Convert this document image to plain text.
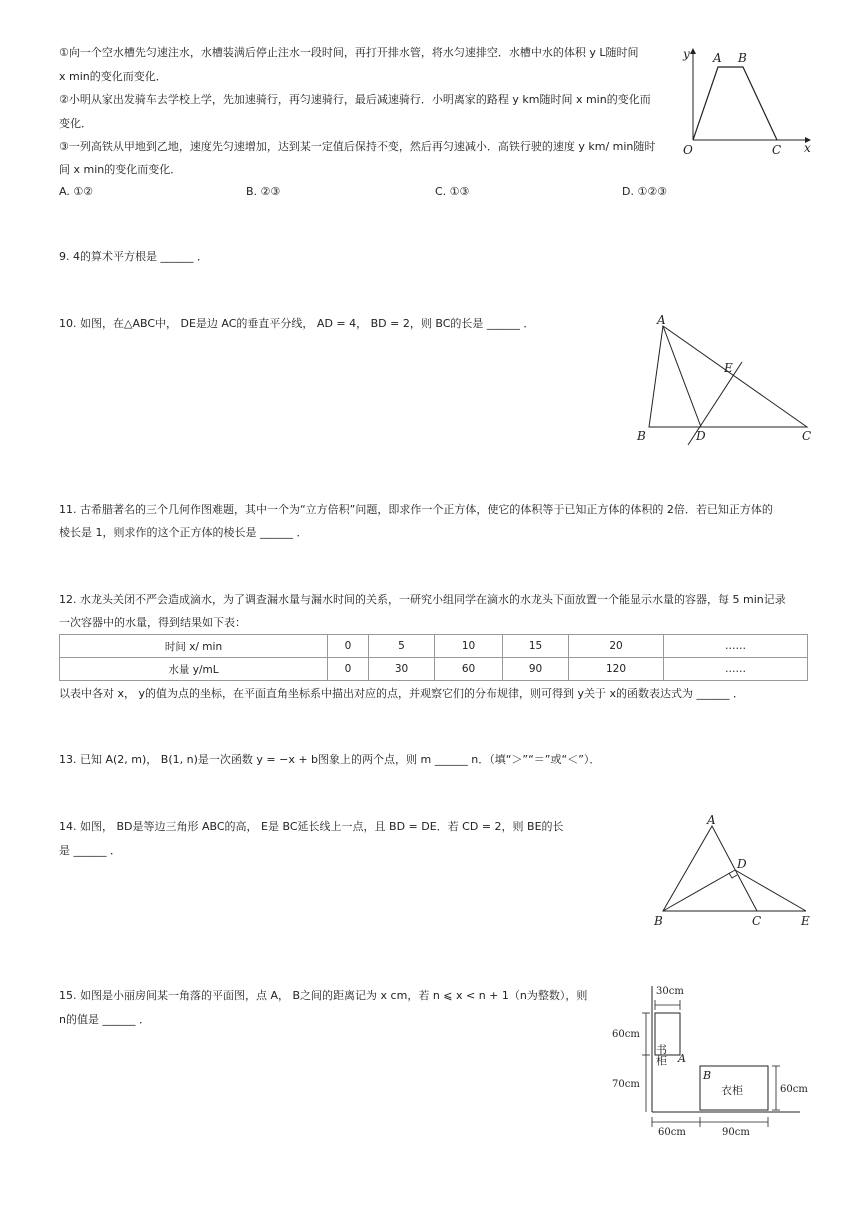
①向一个空水槽先匀速注水，水槽装满后停止注水一段时间，再打开排水管，将水匀速排空．水槽中水的体积 y L随时间
x min的变化而变化．
②小明从家出发骑车去学校上学，先加速骑行，再匀速骑行，最后减速骑行．小明离家的路程 y km随时间 x min的变化而
变化．
③一列高铁从甲地到乙地，速度先匀速增加，达到某一定值后保持不变，然后再匀速减小．高铁行驶的速度 y km/ min随时
间 x min的变化而变化．
A. ①②	B. ②③	C. ①③	D. ①②③
y
x
O
A B
C
9. 4的算术平方根是 ______ ．
10. 如图，在△ABC中， DE是边 AC的垂直平分线， AD = 4， BD = 2，则 BC的长是 ______ ．	A
B	C
D
E
11. 古希腊著名的三个几何作图难题，其中一个为“立方倍积”问题，即求作一个正方体，使它的体积等于已知正方体的体积的 2倍．若已知正方体的
棱长是 1，则求作的这个正方体的棱长是 ______ ．
12. 水龙头关闭不严会造成滴水，为了调查漏水量与漏水时间的关系，一研究小组同学在滴水的水龙头下面放置一个能显示水量的容器，每 5 min记录
一次容器中的水量，得到结果如下表：
时间 x/ min	0	5	10	15	20	……
水量 y/mL	0	30	60	90	120	……
以表中各对 x， y的值为点的坐标，在平面直角坐标系中描出对应的点，并观察它们的分布规律，则可得到 y关于 x的函数表达式为 ______ ．
13. 已知 A(2, m)， B(1, n)是一次函数 y = −x + b图象上的两个点，则 m ______ n．（填“＞”“＝”或“＜”）．
14. 如图， BD是等边三角形 ABC的高， E是 BC延长线上一点，且 BD = DE．若 CD = 2，则 BE的长
是 ______ ．
A
B	C
D
E
15. 如图是小丽房间某一角落的平面图，点 A， B之间的距离记为 x cm，若 n ⩽ x < n + 1（n为整数），则
n的值是 ______ ．
30cm
60cm
70cm	60cm
60cm	90cm
A
B
书柜
衣柜
